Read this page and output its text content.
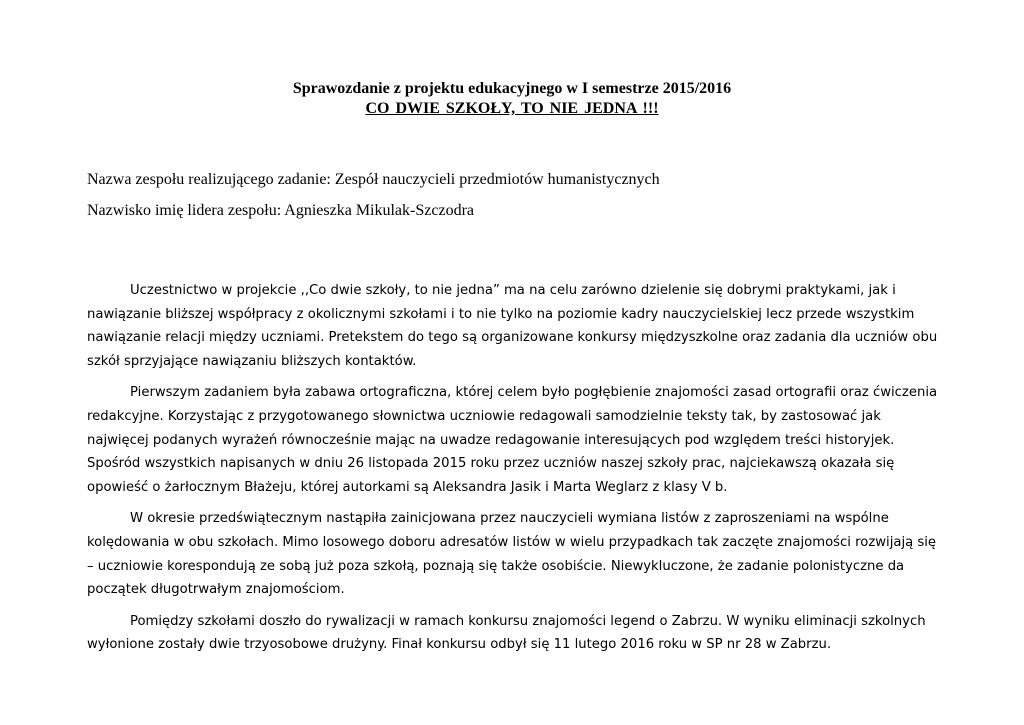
Sprawozdanie z projektu edukacyjnego w I semestrze 2015/2016
CO DWIE SZKOŁY, TO NIE JEDNA !!!
Nazwa zespołu realizującego zadanie: Zespół nauczycieli przedmiotów humanistycznych
Nazwisko imię lidera zespołu: Agnieszka Mikulak-Szczodra

Uczestnictwo w projekcie ,,Co dwie szkoły, to nie jedna” ma na celu zarówno dzielenie się dobrymi praktykami, jak i nawiązanie bliższej współpracy z okolicznymi szkołami i to nie tylko na poziomie kadry nauczycielskiej lecz przede wszystkim nawiązanie relacji między uczniami. Pretekstem do tego są organizowane konkursy międzyszkolne oraz zadania dla uczniów obu szkół sprzyjające nawiązaniu bliższych kontaktów.

Pierwszym zadaniem była zabawa ortograficzna, której celem było pogłębienie znajomości zasad ortografii oraz ćwiczenia redakcyjne. Korzystając z przygotowanego słownictwa uczniowie redagowali samodzielnie teksty tak, by zastosować jak najwięcej podanych wyrażeń równocześnie mając na uwadze redagowanie interesujących pod względem treści historyjek. Spośród wszystkich napisanych w dniu 26 listopada 2015 roku przez uczniów naszej szkoły prac, najciekawszą okazała się opowieść o żarłocznym Błażeju, której autorkami są Aleksandra Jasik i Marta Weglarz z klasy V b.

W okresie przedświątecznym nastąpiła zainicjowana przez nauczycieli wymiana listów z zaproszeniami na wspólne kolędowania w obu szkołach. Mimo losowego doboru adresatów listów w wielu przypadkach tak zaczęte znajomości rozwijają się – uczniowie korespondują ze sobą już poza szkołą, poznają się także osobiście. Niewykluczone, że zadanie polonistyczne da początek długotrwałym znajomościom.

Pomiędzy szkołami doszło do rywalizacji w ramach konkursu znajomości legend o Zabrzu. W wyniku eliminacji szkolnych wyłonione zostały dwie trzyosobowe drużyny. Finał konkursu odbył się 11 lutego 2016 roku w SP nr 28 w Zabrzu.
